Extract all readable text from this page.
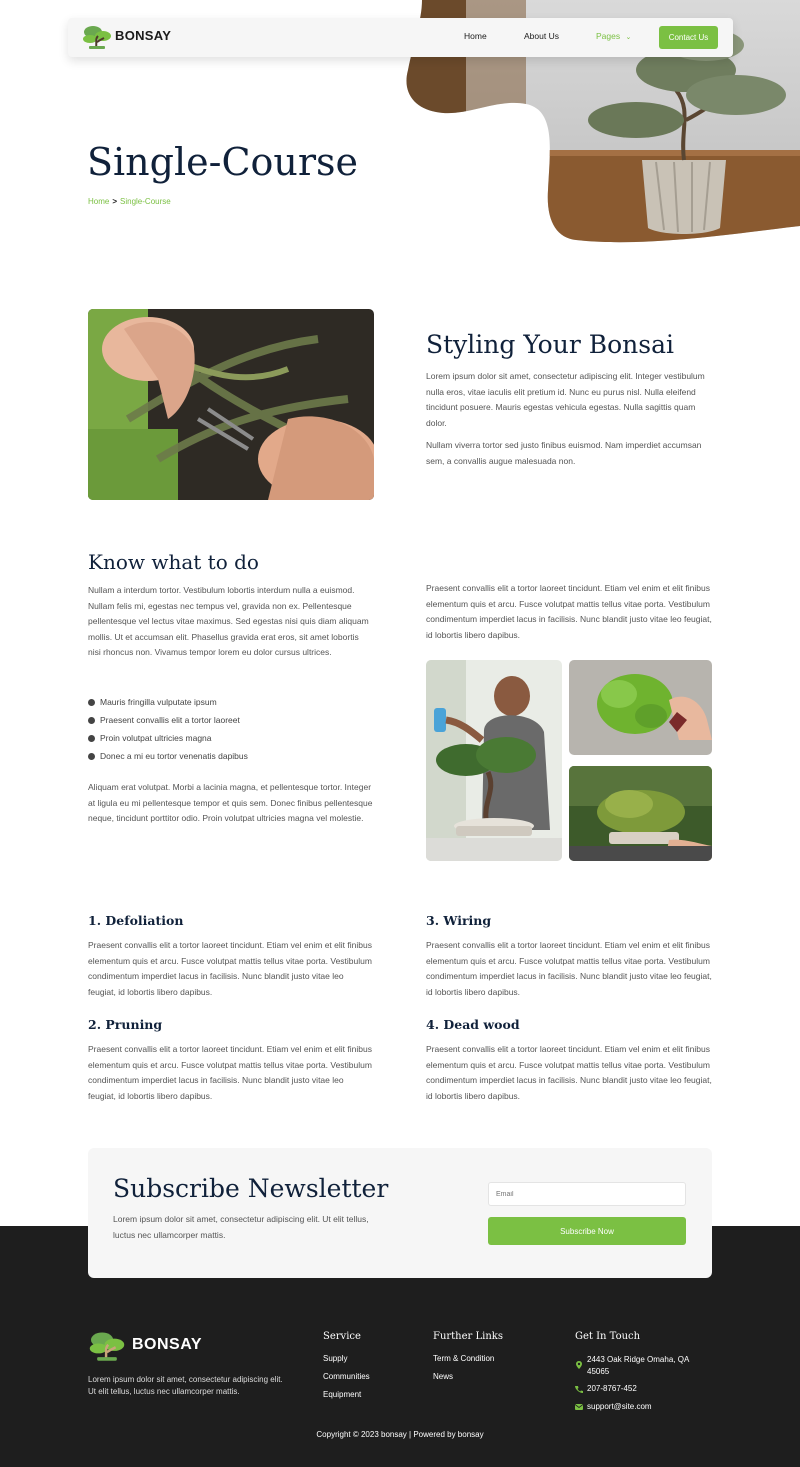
BONSAY	Home	About Us	Pages ⌄	Contact Us
Single-Course
Home > Single-Course
Styling Your Bonsai
Lorem ipsum dolor sit amet, consectetur adipiscing elit. Integer vestibulum nulla eros, vitae iaculis elit pretium id. Nunc eu purus nisl. Nulla eleifend tincidunt posuere. Mauris egestas vehicula egestas. Nulla sagittis quam dolor.
Nullam viverra tortor sed justo finibus euismod. Nam imperdiet accumsan sem, a convallis augue malesuada non.
Know what to do
Nullam a interdum tortor. Vestibulum lobortis interdum nulla a euismod. Nullam felis mi, egestas nec tempus vel, gravida non ex. Pellentesque pellentesque vel lectus vitae maximus. Sed egestas nisi quis diam aliquam mollis. Ut et accumsan elit. Phasellus gravida erat eros, sit amet lobortis nisi rhoncus non. Vivamus tempor lorem eu dolor cursus ultrices.
Mauris fringilla vulputate ipsum
Praesent convallis elit a tortor laoreet
Proin volutpat ultricies magna
Donec a mi eu tortor venenatis dapibus
Aliquam erat volutpat. Morbi a lacinia magna, et pellentesque tortor. Integer at ligula eu mi pellentesque tempor et quis sem. Donec finibus pellentesque neque, tincidunt porttitor odio. Proin volutpat ultricies magna vel molestie.
Praesent convallis elit a tortor laoreet tincidunt. Etiam vel enim et elit finibus elementum quis et arcu. Fusce volutpat mattis tellus vitae porta. Vestibulum condimentum imperdiet lacus in facilisis. Nunc blandit justo vitae leo feugiat, id lobortis libero dapibus.
1. Defoliation
Praesent convallis elit a tortor laoreet tincidunt. Etiam vel enim et elit finibus elementum quis et arcu. Fusce volutpat mattis tellus vitae porta. Vestibulum condimentum imperdiet lacus in facilisis. Nunc blandit justo vitae leo feugiat, id lobortis libero dapibus.
2. Pruning
Praesent convallis elit a tortor laoreet tincidunt. Etiam vel enim et elit finibus elementum quis et arcu. Fusce volutpat mattis tellus vitae porta. Vestibulum condimentum imperdiet lacus in facilisis. Nunc blandit justo vitae leo feugiat, id lobortis libero dapibus.
3. Wiring
Praesent convallis elit a tortor laoreet tincidunt. Etiam vel enim et elit finibus elementum quis et arcu. Fusce volutpat mattis tellus vitae porta. Vestibulum condimentum imperdiet lacus in facilisis. Nunc blandit justo vitae leo feugiat, id lobortis libero dapibus.
4. Dead wood
Praesent convallis elit a tortor laoreet tincidunt. Etiam vel enim et elit finibus elementum quis et arcu. Fusce volutpat mattis tellus vitae porta. Vestibulum condimentum imperdiet lacus in facilisis. Nunc blandit justo vitae leo feugiat, id lobortis libero dapibus.
BONSAY
Lorem ipsum dolor sit amet, consectetur adipiscing elit. Ut elit tellus, luctus nec ullamcorper mattis.
Service
Supply
Communities
Equipment
Further Links
Term & Condition
News
Get In Touch
2443 Oak Ridge Omaha, QA 45065
207-8767-452
support@site.com
Copyright © 2023 bonsay | Powered by bonsay
Subscribe Newsletter
Lorem ipsum dolor sit amet, consectetur adipiscing elit. Ut elit tellus, luctus nec ullamcorper mattis.
Email	Subscribe Now
